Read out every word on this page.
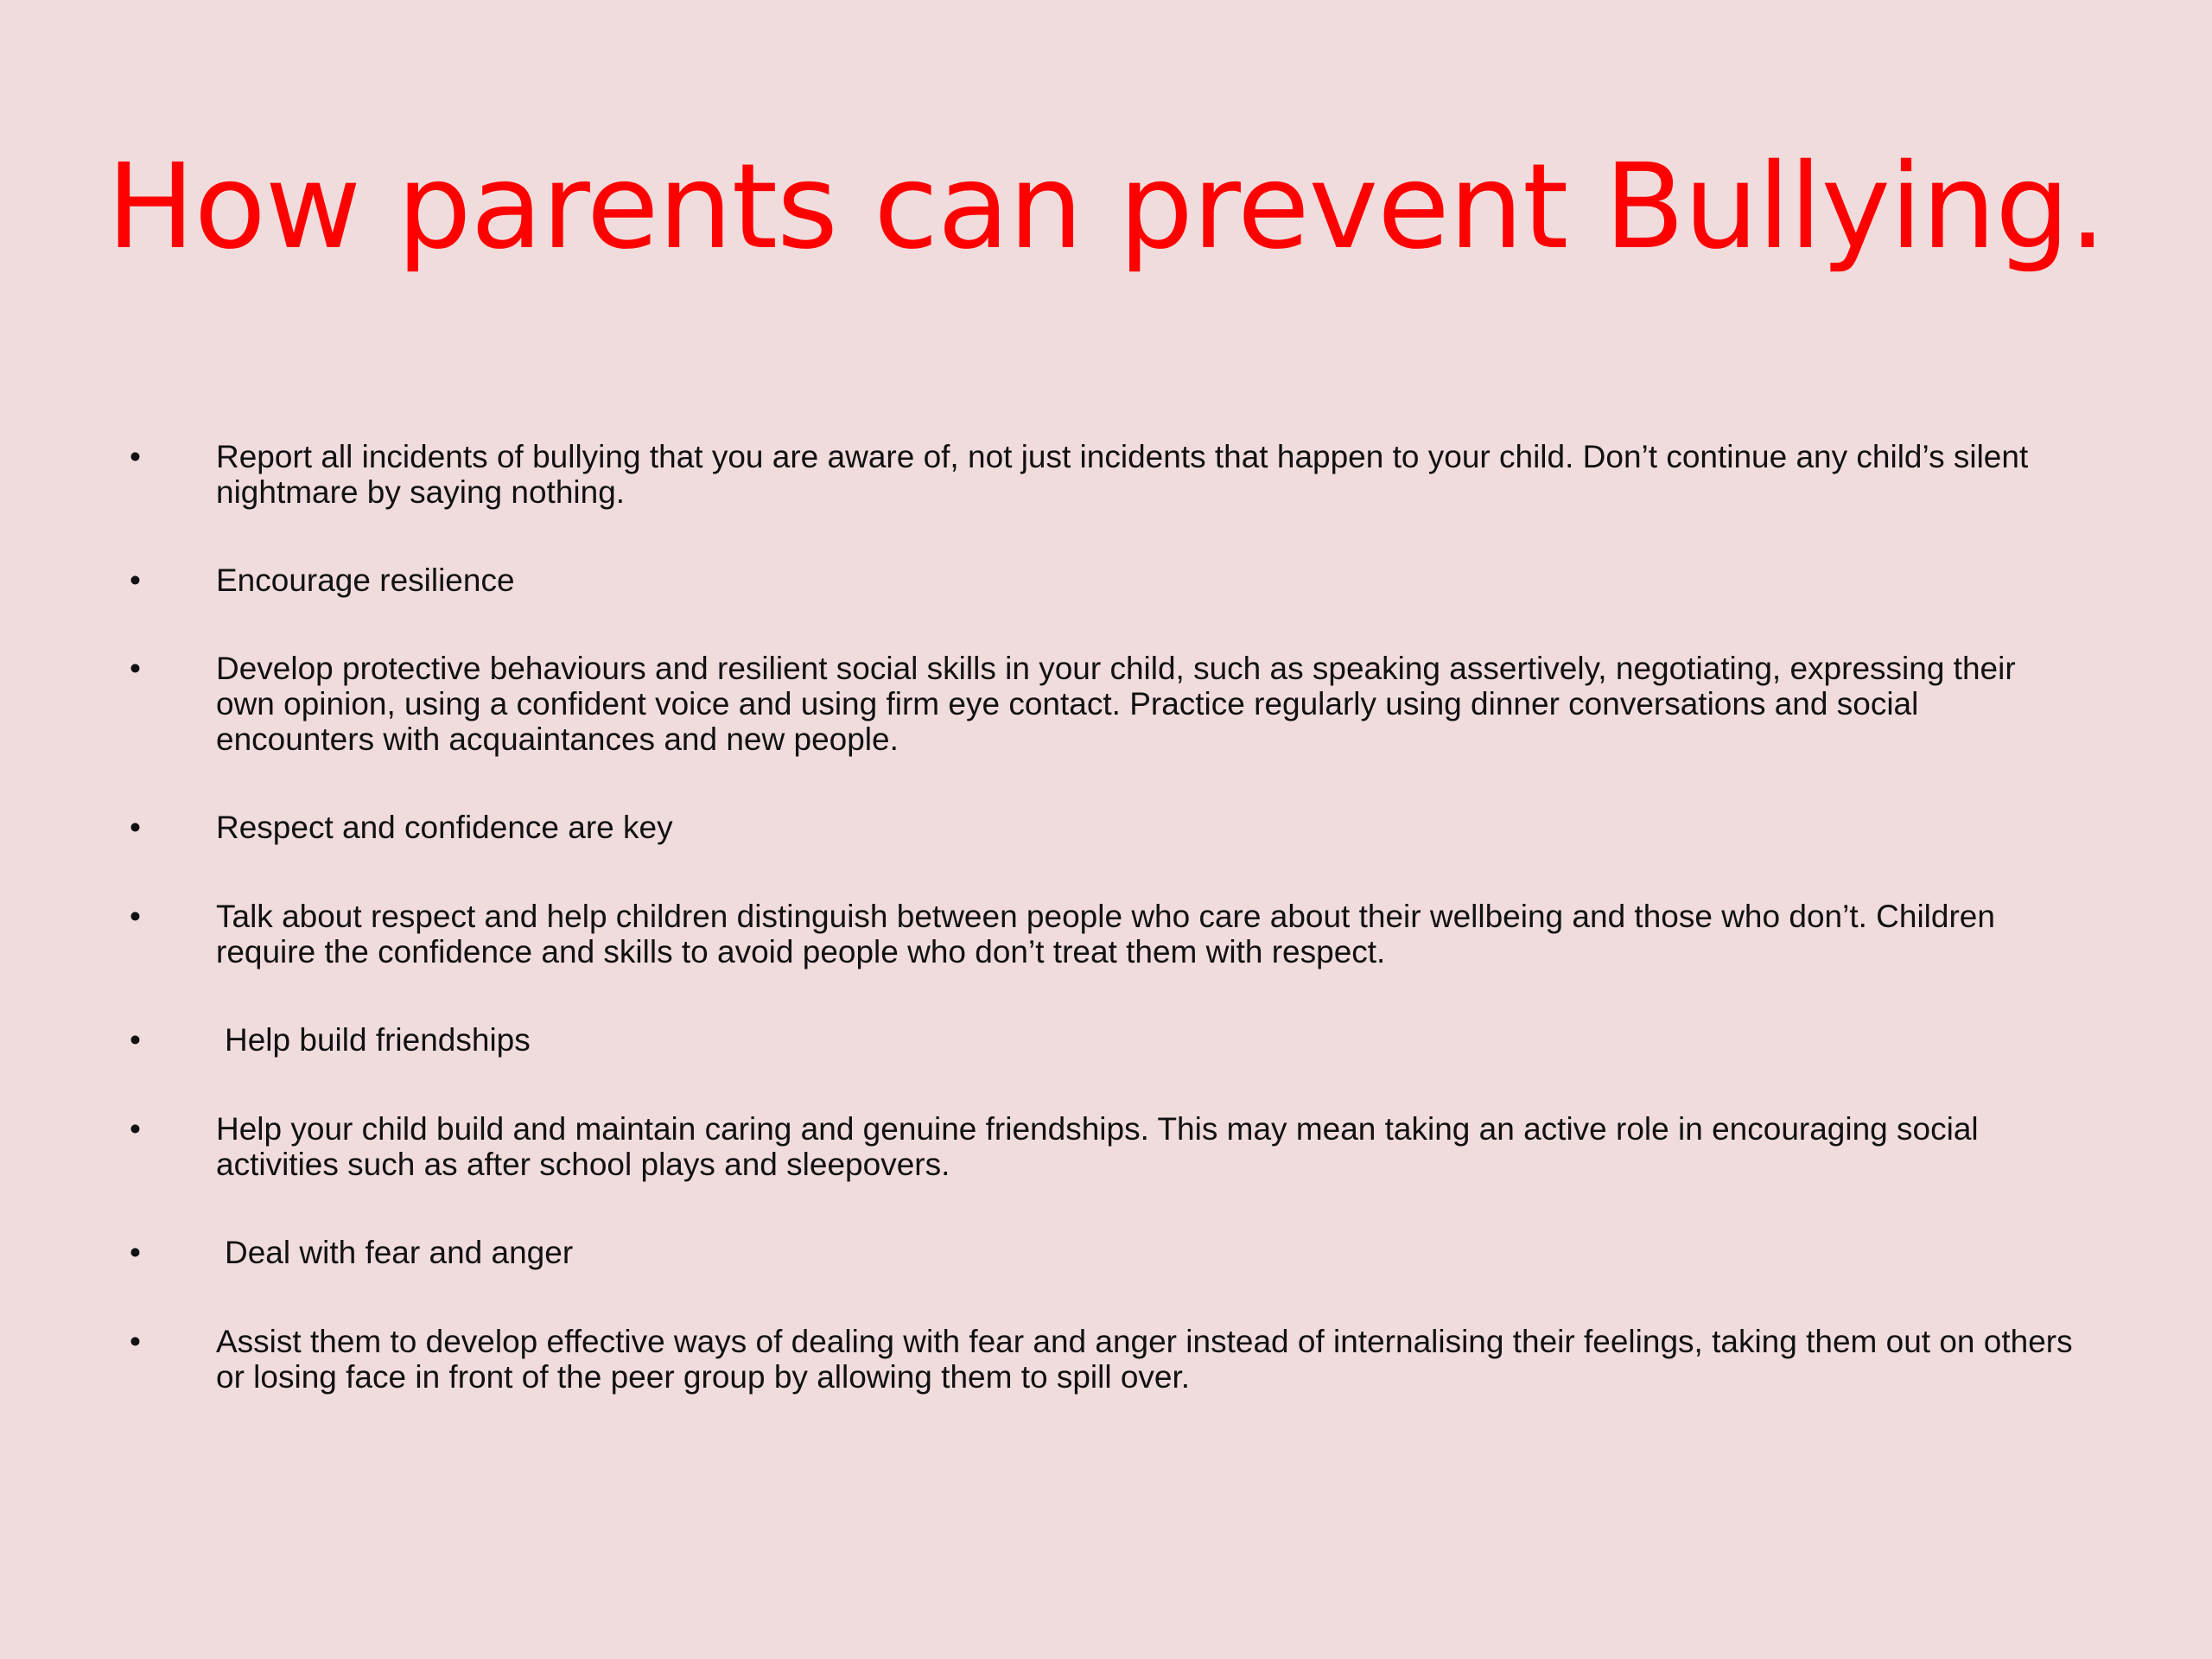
How parents can prevent Bullying.
• Report all incidents of bullying that you are aware of, not just incidents that happen to your child. Don’t continue any child’s silent nightmare by saying nothing.
• Encourage resilience
• Develop protective behaviours and resilient social skills in your child, such as speaking assertively, negotiating, expressing their own opinion, using a confident voice and using firm eye contact. Practice regularly using dinner conversations and social encounters with acquaintances and new people.
• Respect and confidence are key
• Talk about respect and help children distinguish between people who care about their wellbeing and those who don’t. Children require the confidence and skills to avoid people who don’t treat them with respect.
•	Help build friendships
• Help your child build and maintain caring and genuine friendships. This may mean taking an active role in encouraging social activities such as after school plays and sleepovers.
•	Deal with fear and anger
• Assist them to develop effective ways of dealing with fear and anger instead of internalising their feelings, taking them out on others or losing face in front of the peer group by allowing them to spill over.
